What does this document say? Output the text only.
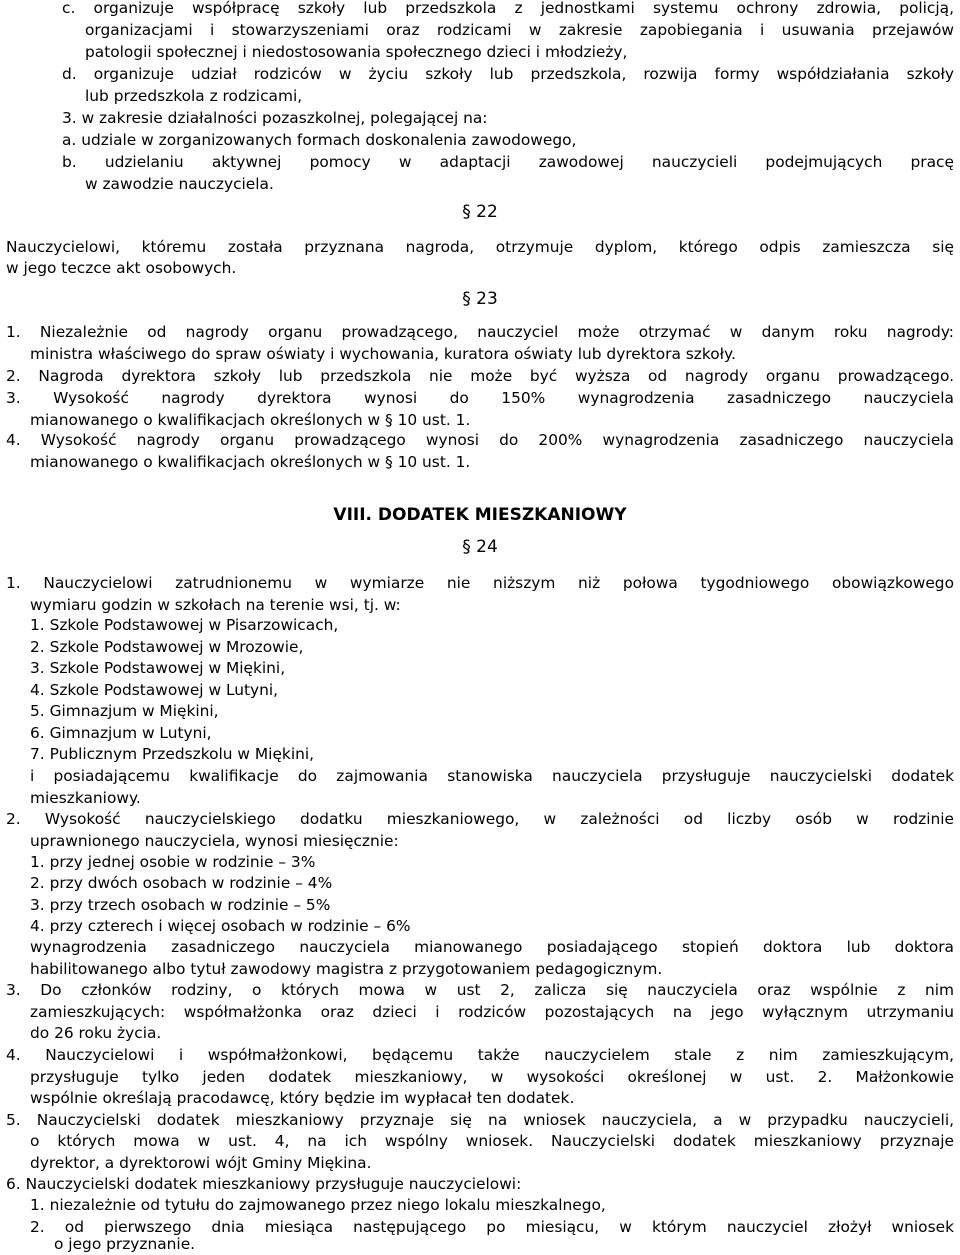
c. organizuje współpracę szkoły lub przedszkola z jednostkami systemu ochrony zdrowia, policją,
organizacjami i stowarzyszeniami oraz rodzicami w zakresie zapobiegania i usuwania przejawów
patologii społecznej i niedostosowania społecznego dzieci i młodzieży,
d. organizuje udział rodziców w życiu szkoły lub przedszkola, rozwija formy współdziałania szkoły
lub przedszkola z rodzicami,
3. w zakresie działalności pozaszkolnej, polegającej na:
a. udziale w zorganizowanych formach doskonalenia zawodowego,
b. udzielaniu aktywnej pomocy w adaptacji zawodowej nauczycieli podejmujących pracę
w zawodzie nauczyciela.
§ 22
Nauczycielowi, któremu została przyznana nagroda, otrzymuje dyplom, którego odpis zamieszcza się
w jego teczce akt osobowych.
§ 23
1. Niezależnie od nagrody organu prowadzącego, nauczyciel może otrzymać w danym roku nagrody:
ministra właściwego do spraw oświaty i wychowania, kuratora oświaty lub dyrektora szkoły.
2. Nagroda dyrektora szkoły lub przedszkola nie może być wyższa od nagrody organu prowadzącego.
3. Wysokość nagrody dyrektora wynosi do 150% wynagrodzenia zasadniczego nauczyciela
mianowanego o kwalifikacjach określonych w § 10 ust. 1.
4. Wysokość nagrody organu prowadzącego wynosi do 200% wynagrodzenia zasadniczego nauczyciela
mianowanego o kwalifikacjach określonych w § 10 ust. 1.
VIII. DODATEK MIESZKANIOWY
§ 24
1. Nauczycielowi zatrudnionemu w wymiarze nie niższym niż połowa tygodniowego obowiązkowego
wymiaru godzin w szkołach na terenie wsi, tj. w:
1. Szkole Podstawowej w Pisarzowicach,
2. Szkole Podstawowej w Mrozowie,
3. Szkole Podstawowej w Miękini,
4. Szkole Podstawowej w Lutyni,
5. Gimnazjum w Miękini,
6. Gimnazjum w Lutyni,
7. Publicznym Przedszkolu w Miękini,
i posiadającemu kwalifikacje do zajmowania stanowiska nauczyciela przysługuje nauczycielski dodatek
mieszkaniowy.
2. Wysokość nauczycielskiego dodatku mieszkaniowego, w zależności od liczby osób w rodzinie
uprawnionego nauczyciela, wynosi miesięcznie:
1. przy jednej osobie w rodzinie – 3%
2. przy dwóch osobach w rodzinie – 4%
3. przy trzech osobach w rodzinie – 5%
4. przy czterech i więcej osobach w rodzinie – 6%
wynagrodzenia zasadniczego nauczyciela mianowanego posiadającego stopień doktora lub doktora
habilitowanego albo tytuł zawodowy magistra z przygotowaniem pedagogicznym.
3. Do członków rodziny, o których mowa w ust 2, zalicza się nauczyciela oraz wspólnie z nim
zamieszkujących: współmałżonka oraz dzieci i rodziców pozostających na jego wyłącznym utrzymaniu
do 26 roku życia.
4. Nauczycielowi i współmałżonkowi, będącemu także nauczycielem stale z nim zamieszkującym,
przysługuje tylko jeden dodatek mieszkaniowy, w wysokości określonej w ust. 2. Małżonkowie
wspólnie określają pracodawcę, który będzie im wypłacał ten dodatek.
5. Nauczycielski dodatek mieszkaniowy przyznaje się na wniosek nauczyciela, a w przypadku nauczycieli,
o których mowa w ust. 4, na ich wspólny wniosek. Nauczycielski dodatek mieszkaniowy przyznaje
dyrektor, a dyrektorowi wójt Gminy Miękina.
6. Nauczycielski dodatek mieszkaniowy przysługuje nauczycielowi:
1. niezależnie od tytułu do zajmowanego przez niego lokalu mieszkalnego,
2. od pierwszego dnia miesiąca następującego po miesiącu, w którym nauczyciel złożył wniosek
o jego przyznanie.
